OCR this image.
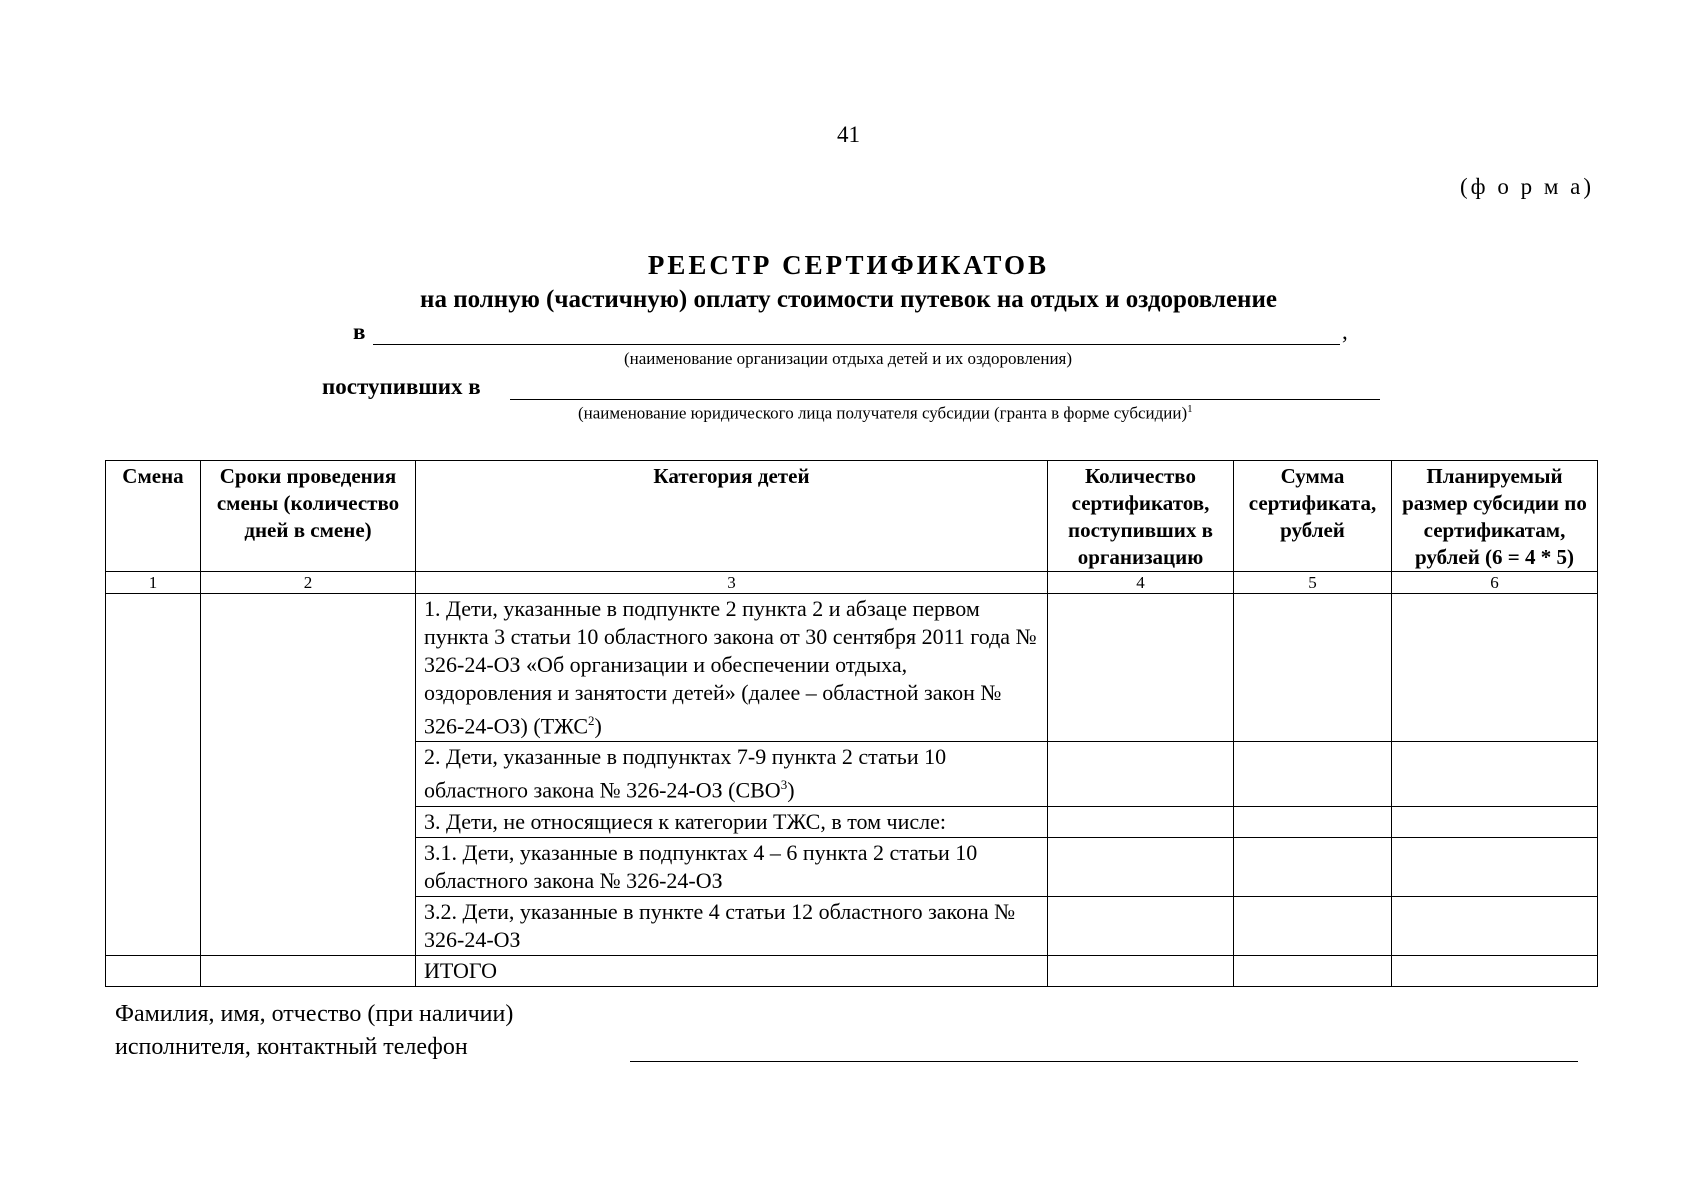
41
(ф о р м а)
РЕЕСТР СЕРТИФИКАТОВ
на полную (частичную) оплату стоимости путевок на отдых и оздоровление
в	,
(наименование организации отдыха детей и их оздоровления)
поступивших в
(наименование юридического лица получателя субсидии (гранта в форме субсидии)$^1$
Смена	Сроки проведения смены (количество дней в смене)	Категория детей	Количество сертификатов, поступивших в организацию	Сумма сертификата, рублей	Планируемый размер субсидии по сертификатам, рублей (6 = 4 * 5)
1	2	3	4	5	6
		1. Дети, указанные в подпункте 2 пункта 2 и абзаце первом пункта 3 статьи 10 областного закона от 30 сентября 2011 года № 326-24-ОЗ «Об организации и обеспечении отдыха, оздоровления и занятости детей» (далее – областной закон № 326-24-ОЗ) (ТЖС$^2$)			
		2. Дети, указанные в подпунктах 7-9 пункта 2 статьи 10 областного закона № 326-24-ОЗ (СВО$^3$)			
		3. Дети, не относящиеся к категории ТЖС, в том числе:			
		3.1. Дети, указанные в подпунктах 4 – 6 пункта 2 статьи 10 областного закона № 326-24-ОЗ			
		3.2. Дети, указанные в пункте 4 статьи 12 областного закона № 326-24-ОЗ			
		ИТОГО			
Фамилия, имя, отчество (при наличии)
исполнителя, контактный телефон
